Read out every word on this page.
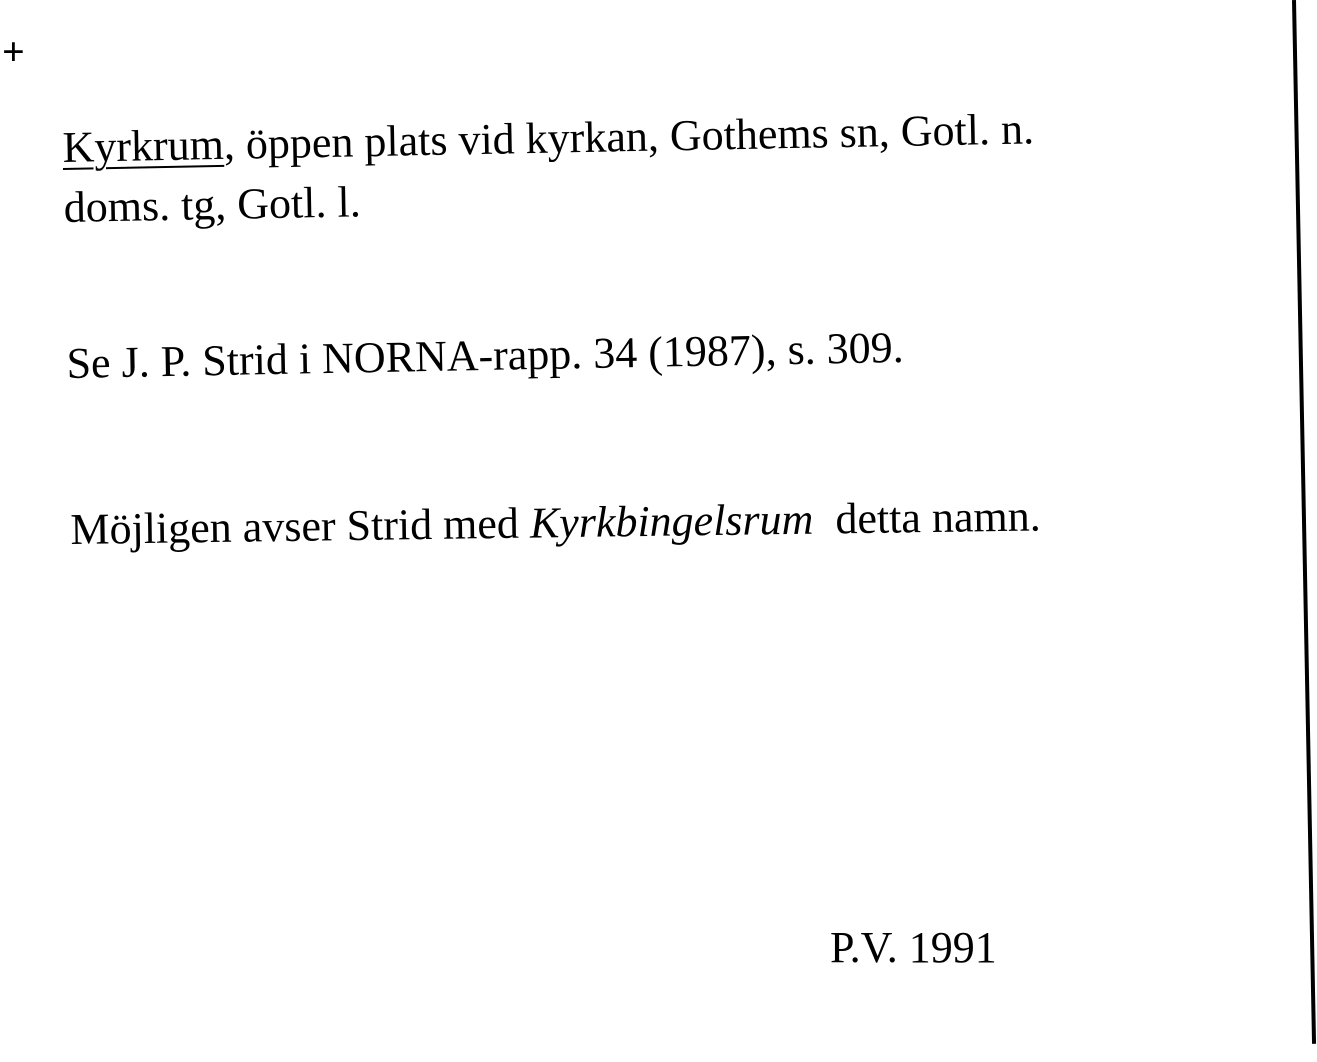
+
Kyrkrum, öppen plats vid kyrkan, Gothems sn, Gotl. n.
doms. tg, Gotl. l.
Se J. P. Strid i NORNA-rapp. 34 (1987), s. 309.
Möjligen avser Strid med Kyrkbingelsrum  detta namn.
P.V. 1991
